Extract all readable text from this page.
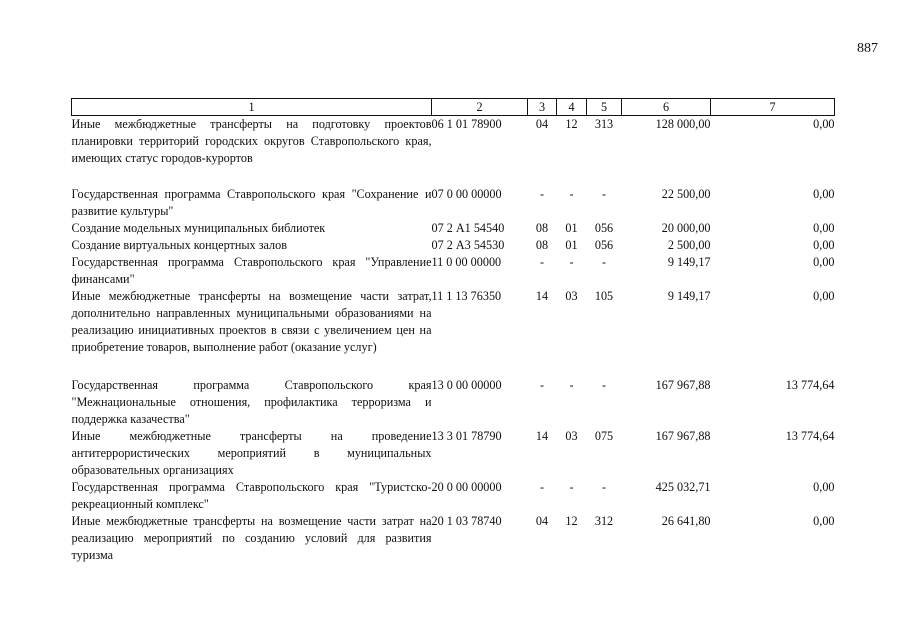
887
1	2	3	4	5	6	7
Иные межбюджетные трансферты на подготовку проектов планировки территорий городских округов Ставропольского края, имеющих статус городов-курортов	06 1 01 78900	04	12	313	128 000,00	0,00
Государственная программа Ставропольского края "Сохранение и развитие культуры"	07 0 00 00000	-	-	-	22 500,00	0,00
Создание модельных муниципальных библиотек	07 2 А1 54540	08	01	056	20 000,00	0,00
Создание виртуальных концертных залов	07 2 А3 54530	08	01	056	2 500,00	0,00
Государственная программа Ставропольского края "Управление финансами"	11 0 00 00000	-	-	-	9 149,17	0,00
Иные межбюджетные трансферты на возмещение части затрат, дополнительно направленных муниципальными образованиями на реализацию инициативных проектов в связи с увеличением цен на приобретение товаров, выполнение работ (оказание услуг)	11 1 13 76350	14	03	105	9 149,17	0,00
Государственная программа Ставропольского края "Межнациональные отношения, профилактика терроризма и поддержка казачества"	13 0 00 00000	-	-	-	167 967,88	13 774,64
Иные межбюджетные трансферты на проведение антитеррористических мероприятий в муниципальных образовательных организациях	13 3 01 78790	14	03	075	167 967,88	13 774,64
Государственная программа Ставропольского края "Туристско-рекреационный комплекс"	20 0 00 00000	-	-	-	425 032,71	0,00
Иные межбюджетные трансферты на возмещение части затрат на реализацию мероприятий по созданию условий для развития туризма	20 1 03 78740	04	12	312	26 641,80	0,00
